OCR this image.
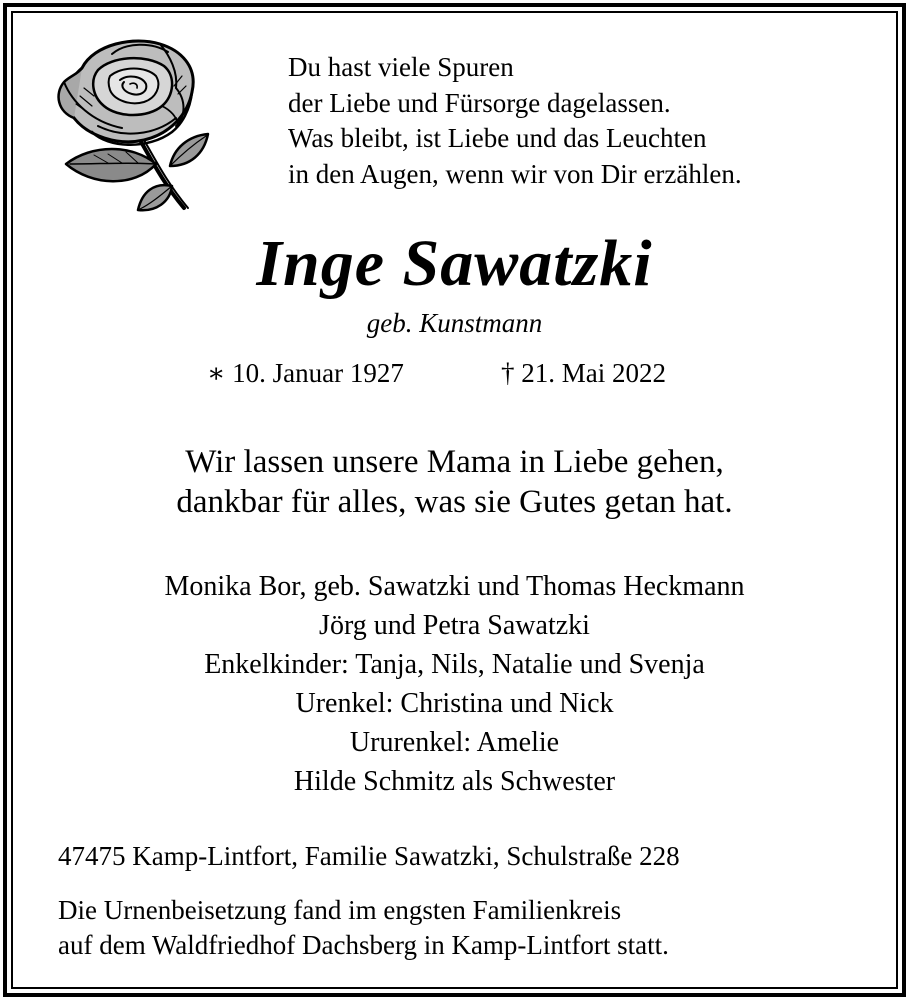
Du hast viele Spuren
der Liebe und Fürsorge dagelassen.
Was bleibt, ist Liebe und das Leuchten
in den Augen, wenn wir von Dir erzählen.
Inge Sawatzki
geb. Kunstmann
∗ 10. Januar 1927	† 21. Mai 2022
Wir lassen unsere Mama in Liebe gehen,
dankbar für alles, was sie Gutes getan hat.
Monika Bor, geb. Sawatzki und Thomas Heckmann
Jörg und Petra Sawatzki
Enkelkinder: Tanja, Nils, Natalie und Svenja
Urenkel: Christina und Nick
Ururenkel: Amelie
Hilde Schmitz als Schwester
47475 Kamp-Lintfort, Familie Sawatzki, Schulstraße 228
Die Urnenbeisetzung fand im engsten Familienkreis
auf dem Waldfriedhof Dachsberg in Kamp-Lintfort statt.
